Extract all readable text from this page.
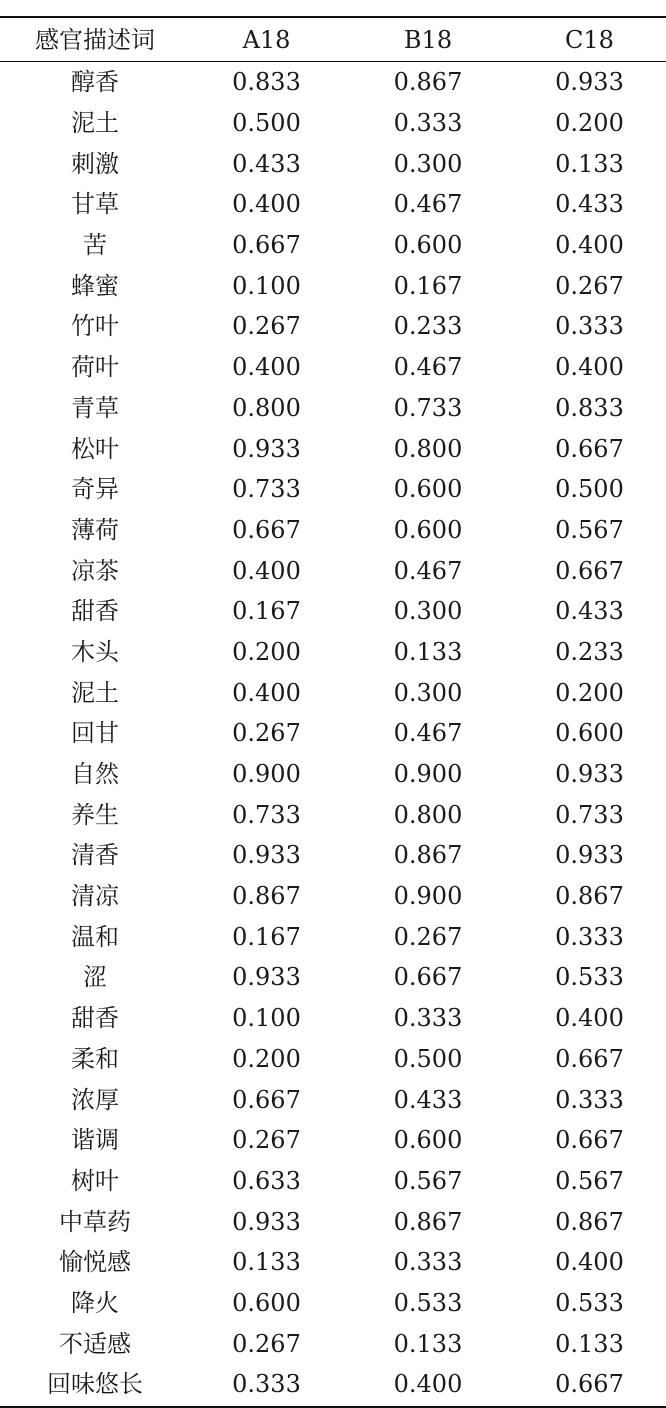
感官描述词	A18	B18	C18
醇香	0.833	0.867	0.933
泥土	0.500	0.333	0.200
刺激	0.433	0.300	0.133
甘草	0.400	0.467	0.433
苦	0.667	0.600	0.400
蜂蜜	0.100	0.167	0.267
竹叶	0.267	0.233	0.333
荷叶	0.400	0.467	0.400
青草	0.800	0.733	0.833
松叶	0.933	0.800	0.667
奇异	0.733	0.600	0.500
薄荷	0.667	0.600	0.567
凉茶	0.400	0.467	0.667
甜香	0.167	0.300	0.433
木头	0.200	0.133	0.233
泥土	0.400	0.300	0.200
回甘	0.267	0.467	0.600
自然	0.900	0.900	0.933
养生	0.733	0.800	0.733
清香	0.933	0.867	0.933
清凉	0.867	0.900	0.867
温和	0.167	0.267	0.333
涩	0.933	0.667	0.533
甜香	0.100	0.333	0.400
柔和	0.200	0.500	0.667
浓厚	0.667	0.433	0.333
谐调	0.267	0.600	0.667
树叶	0.633	0.567	0.567
中草药	0.933	0.867	0.867
愉悦感	0.133	0.333	0.400
降火	0.600	0.533	0.533
不适感	0.267	0.133	0.133
回味悠长	0.333	0.400	0.667
